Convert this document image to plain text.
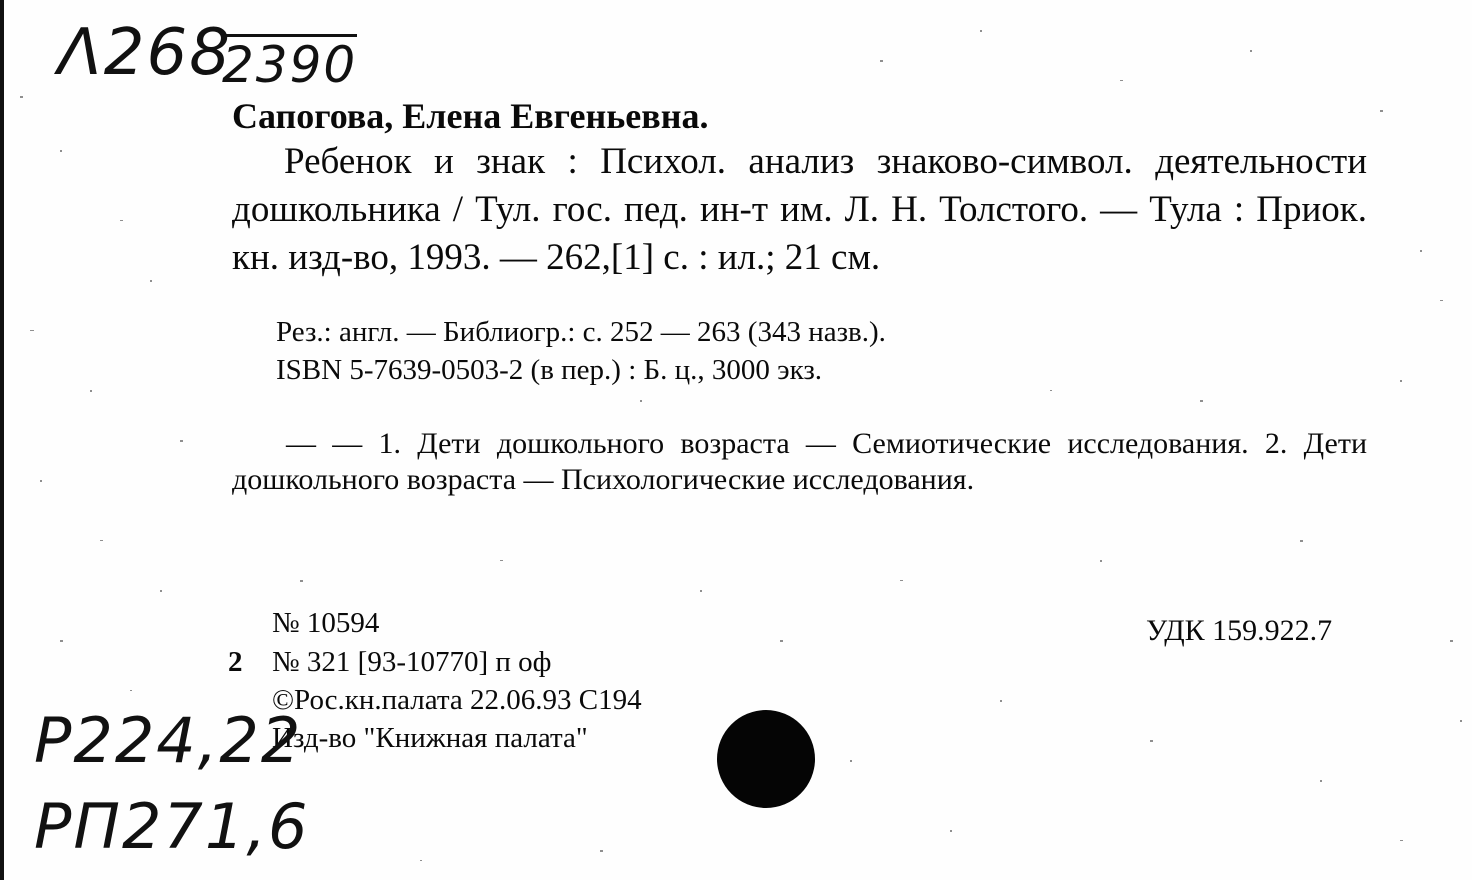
Λ268
2390
Сапогова, Елена Евгеньевна.
Ребенок и знак : Психол. анализ знаково-символ. деятельности дошкольника / Тул. гос. пед. ин-т им. Л. Н. Толстого. — Тула : Приок. кн. изд-во, 1993. — 262,[1] с. : ил.; 21 см.
Рез.: англ. — Библиогр.: с. 252 — 263 (343 назв.).
ISBN 5-7639-0503-2 (в пер.) : Б. ц., 3000 экз.
— — 1. Дети дошкольного возраста — Семиотические исследования. 2. Дети дошкольного возраста — Психологические исследования.
№ 10594
2 № 321 [93-10770] п оф
©Рос.кн.палата 22.06.93 С194
Изд-во "Книжная палата"
УДК 159.922.7
P224,22
PΠ271,6
